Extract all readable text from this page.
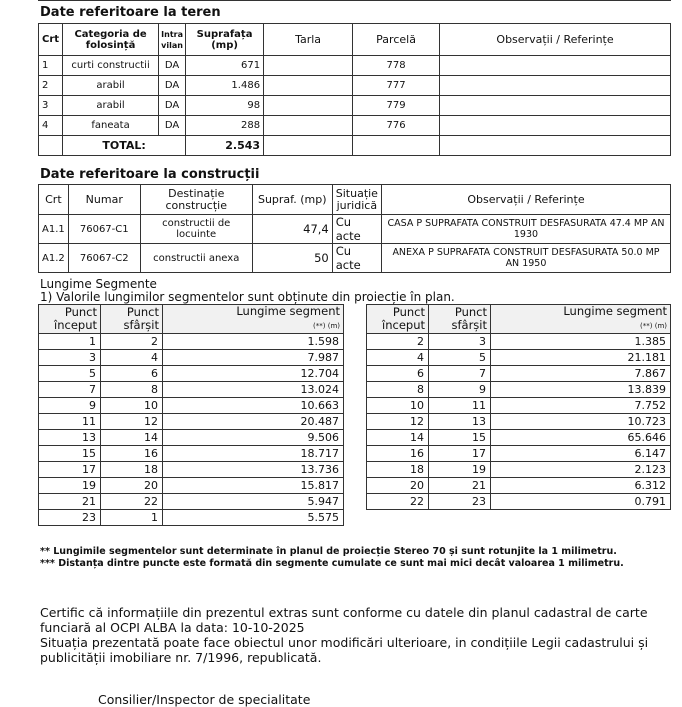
Date referitoare la teren
Crt	Categoria de folosință	Intra vilan	Suprafața (mp)	Tarla	Parcelă	Observații / Referințe
1	curti constructii	DA	671		778	
2	arabil	DA	1.486		777	
3	arabil	DA	98		779	
4	faneata	DA	288		776	
	TOTAL:		2.543			
Date referitoare la construcții
Crt	Numar	Destinație construcție	Supraf. (mp)	Situație juridică	Observații / Referințe
A1.1	76067-C1	constructii de locuinte	47,4	Cu acte	CASA P SUPRAFATA CONSTRUIT DESFASURATA 47.4 MP AN 1930
A1.2	76067-C2	constructii anexa	50	Cu acte	ANEXA P SUPRAFATA CONSTRUIT DESFASURATA 50.0 MP AN 1950
Lungime Segmente
1) Valorile lungimilor segmentelor sunt obținute din proiecție în plan.
Punct început	Punct sfârșit	Lungime segment
(**) (m)
1	2	1.598
3	4	7.987
5	6	12.704
7	8	13.024
9	10	10.663
11	12	20.487
13	14	9.506
15	16	18.717
17	18	13.736
19	20	15.817
21	22	5.947
23	1	5.575
Punct început	Punct sfârșit	Lungime segment
(**) (m)
2	3	1.385
4	5	21.181
6	7	7.867
8	9	13.839
10	11	7.752
12	13	10.723
14	15	65.646
16	17	6.147
18	19	2.123
20	21	6.312
22	23	0.791
** Lungimile segmentelor sunt determinate în planul de proiecție Stereo 70 și sunt rotunjite la 1 milimetru.
*** Distanța dintre puncte este formată din segmente cumulate ce sunt mai mici decât valoarea 1 milimetru.
Certific că informațiile din prezentul extras sunt conforme cu datele din planul cadastral de carte funciară al OCPI ALBA la data: 10-10-2025
Situația prezentată poate face obiectul unor modificări ulterioare, in condițiile Legii cadastrului și publicității imobiliare nr. 7/1996, republicată.
Consilier/Inspector de specialitate
